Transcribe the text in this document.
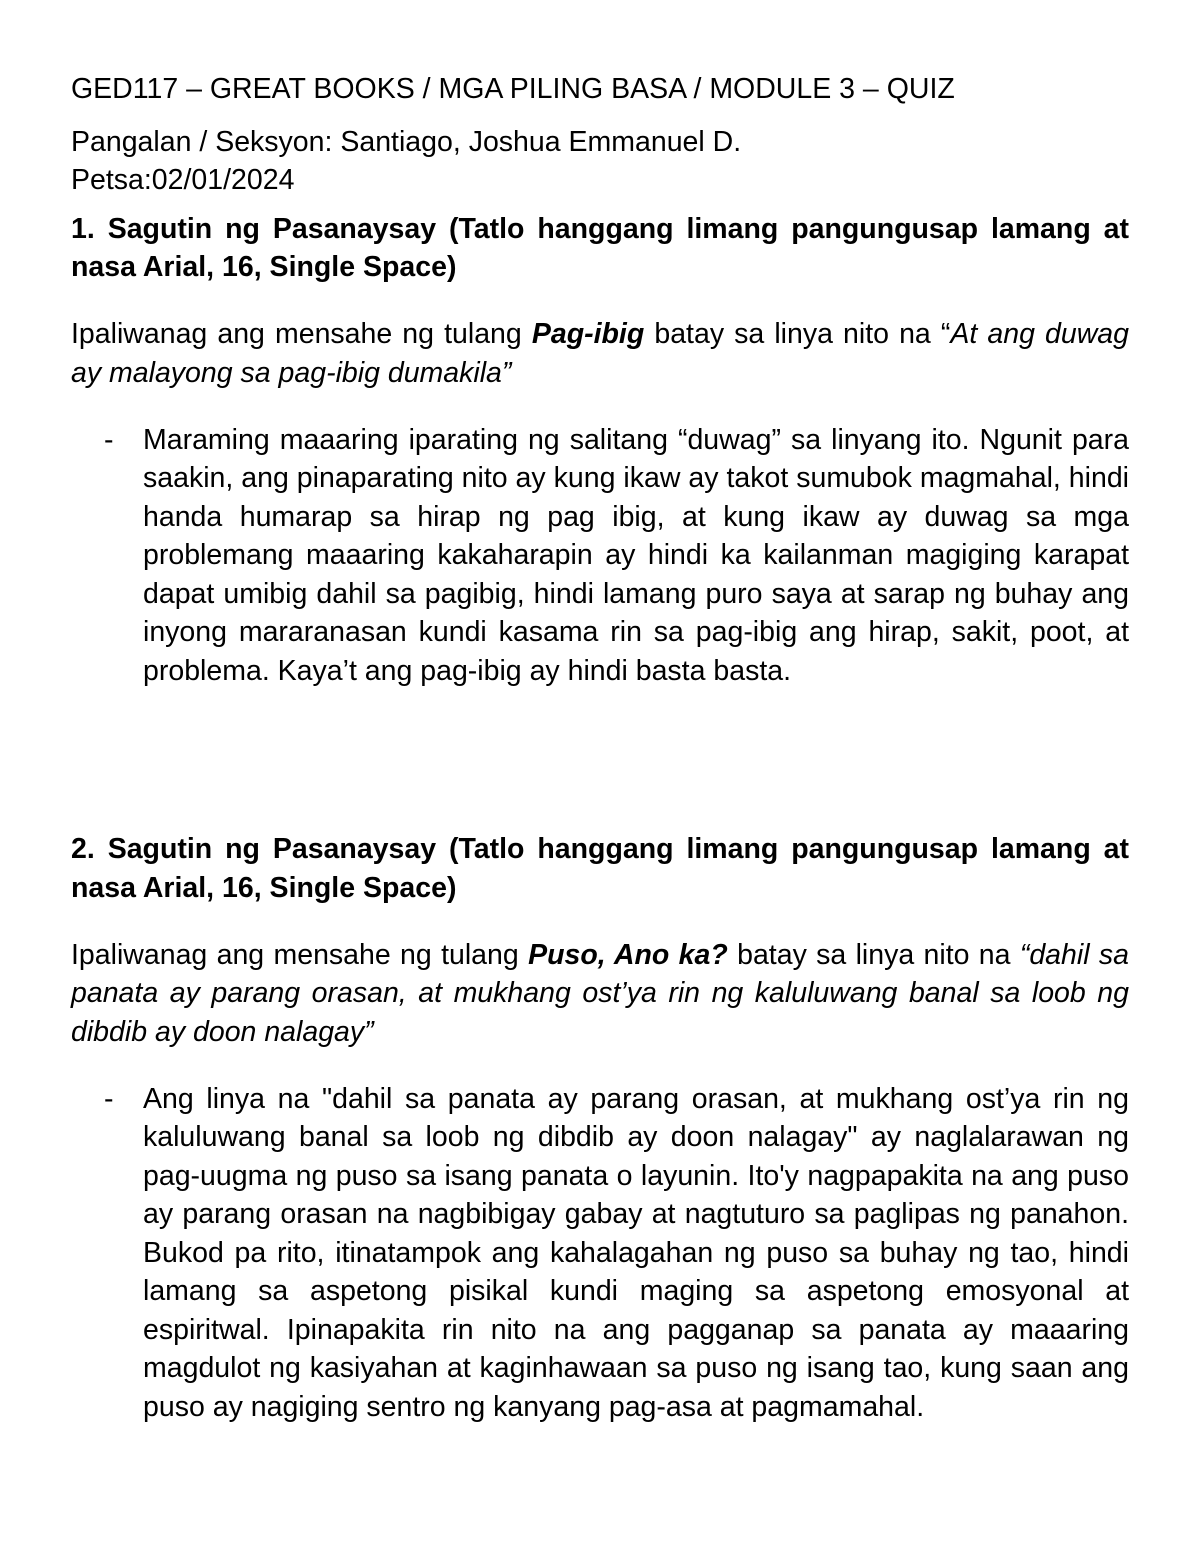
GED117 – GREAT BOOKS / MGA PILING BASA / MODULE 3 – QUIZ

Pangalan / Seksyon: Santiago, Joshua Emmanuel D.

Petsa:02/01/2024

1. Sagutin ng Pasanaysay (Tatlo hanggang limang pangungusap lamang at nasa Arial, 16, Single Space)

Ipaliwanag ang mensahe ng tulang Pag-ibig batay sa linya nito na “At ang duwag ay malayong sa pag-ibig dumakila”

- Maraming maaaring iparating ng salitang “duwag” sa linyang ito. Ngunit para saakin, ang pinaparating nito ay kung ikaw ay takot sumubok magmahal, hindi handa humarap sa hirap ng pag ibig, at kung ikaw ay duwag sa mga problemang maaaring kakaharapin ay hindi ka kailanman magiging karapat dapat umibig dahil sa pagibig, hindi lamang puro saya at sarap ng buhay ang inyong mararanasan kundi kasama rin sa pag-ibig ang hirap, sakit, poot, at problema. Kaya’t ang pag-ibig ay hindi basta basta.

2. Sagutin ng Pasanaysay (Tatlo hanggang limang pangungusap lamang at nasa Arial, 16, Single Space)

Ipaliwanag ang mensahe ng tulang Puso, Ano ka? batay sa linya nito na “dahil sa panata ay parang orasan, at mukhang ost’ya rin ng kaluluwang banal sa loob ng dibdib ay doon nalagay”

- Ang linya na "dahil sa panata ay parang orasan, at mukhang ost’ya rin ng kaluluwang banal sa loob ng dibdib ay doon nalagay" ay naglalarawan ng pag-uugma ng puso sa isang panata o layunin. Ito'y nagpapakita na ang puso ay parang orasan na nagbibigay gabay at nagtuturo sa paglipas ng panahon. Bukod pa rito, itinatampok ang kahalagahan ng puso sa buhay ng tao, hindi lamang sa aspetong pisikal kundi maging sa aspetong emosyonal at espiritwal. Ipinapakita rin nito na ang pagganap sa panata ay maaaring magdulot ng kasiyahan at kaginhawaan sa puso ng isang tao, kung saan ang puso ay nagiging sentro ng kanyang pag-asa at pagmamahal.
